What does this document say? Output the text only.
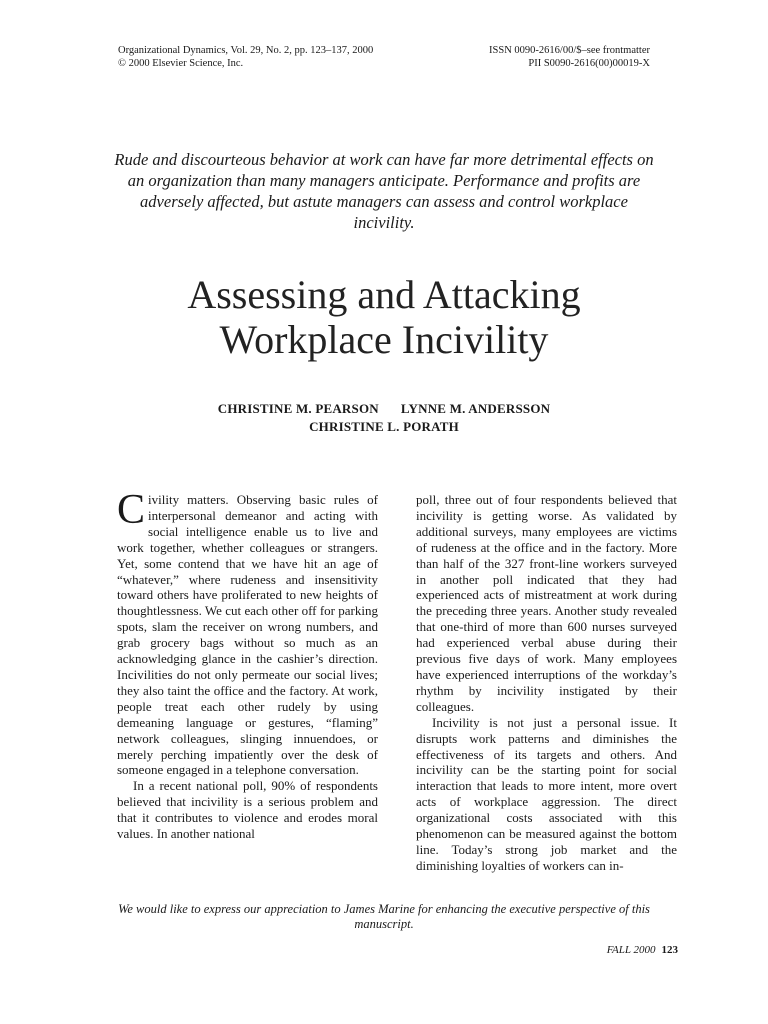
Organizational Dynamics, Vol. 29, No. 2, pp. 123–137, 2000
© 2000 Elsevier Science, Inc.
ISSN 0090-2616/00/$–see frontmatter
PII S0090-2616(00)00019-X
Rude and discourteous behavior at work can have far more detrimental effects on an organization than many managers anticipate. Performance and profits are adversely affected, but astute managers can assess and control workplace incivility.
Assessing and Attacking
Workplace Incivility
CHRISTINE M. PEARSON LYNNE M. ANDERSSON
CHRISTINE L. PORATH

Civility matters. Observing basic rules of interpersonal demeanor and acting with social intelligence enable us to live and work together, whether colleagues or strangers. Yet, some contend that we have hit an age of “whatever,” where rudeness and insensitivity toward others have proliferated to new heights of thoughtlessness. We cut each other off for parking spots, slam the receiver on wrong numbers, and grab grocery bags without so much as an acknowledging glance in the cashier’s direction. Incivilities do not only permeate our social lives; they also taint the office and the factory. At work, people treat each other rudely by using demeaning language or gestures, “flaming” network colleagues, slinging innuendoes, or merely perching impatiently over the desk of someone engaged in a telephone conversation.

In a recent national poll, 90% of respondents believed that incivility is a serious problem and that it contributes to violence and erodes moral values. In another national

poll, three out of four respondents believed that incivility is getting worse. As validated by additional surveys, many employees are victims of rudeness at the office and in the factory. More than half of the 327 front-line workers surveyed in another poll indicated that they had experienced acts of mistreatment at work during the preceding three years. Another study revealed that one-third of more than 600 nurses surveyed had experienced verbal abuse during their previous five days of work. Many employees have experienced interruptions of the workday’s rhythm by incivility instigated by their colleagues.

Incivility is not just a personal issue. It disrupts work patterns and diminishes the effectiveness of its targets and others. And incivility can be the starting point for social interaction that leads to more intent, more overt acts of workplace aggression. The direct organizational costs associated with this phenomenon can be measured against the bottom line. Today’s strong job market and the diminishing loyalties of workers can in-

We would like to express our appreciation to James Marine for enhancing the executive perspective of this manuscript.
FALL 2000 123
